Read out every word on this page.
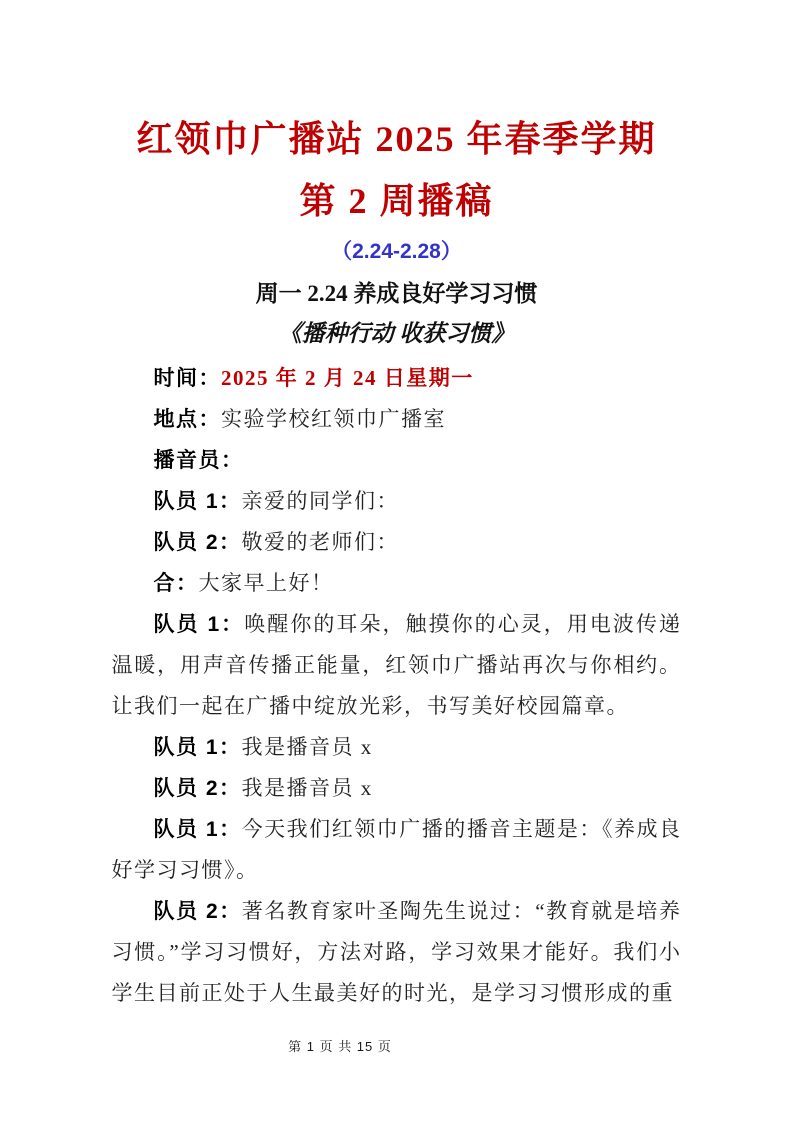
红领巾广播站 2025 年春季学期
第 2 周播稿
（2.24-2.28）
周一 2.24 养成良好学习习惯
《播种行动 收获习惯》

时间：2025 年 2 月 24 日星期一

地点：实验学校红领巾广播室

播音员：

队员 1：亲爱的同学们：

队员 2：敬爱的老师们：

合：大家早上好！

队员 1：唤醒你的耳朵，触摸你的心灵，用电波传递温暖，用声音传播正能量，红领巾广播站再次与你相约。让我们一起在广播中绽放光彩，书写美好校园篇章。

队员 1：我是播音员 x

队员 2：我是播音员 x

队员 1：今天我们红领巾广播的播音主题是：《养成良好学习习惯》。

队员 2：著名教育家叶圣陶先生说过：“教育就是培养习惯。”学习习惯好，方法对路，学习效果才能好。我们小学生目前正处于人生最美好的时光，是学习习惯形成的重

第 1 页 共 15 页
